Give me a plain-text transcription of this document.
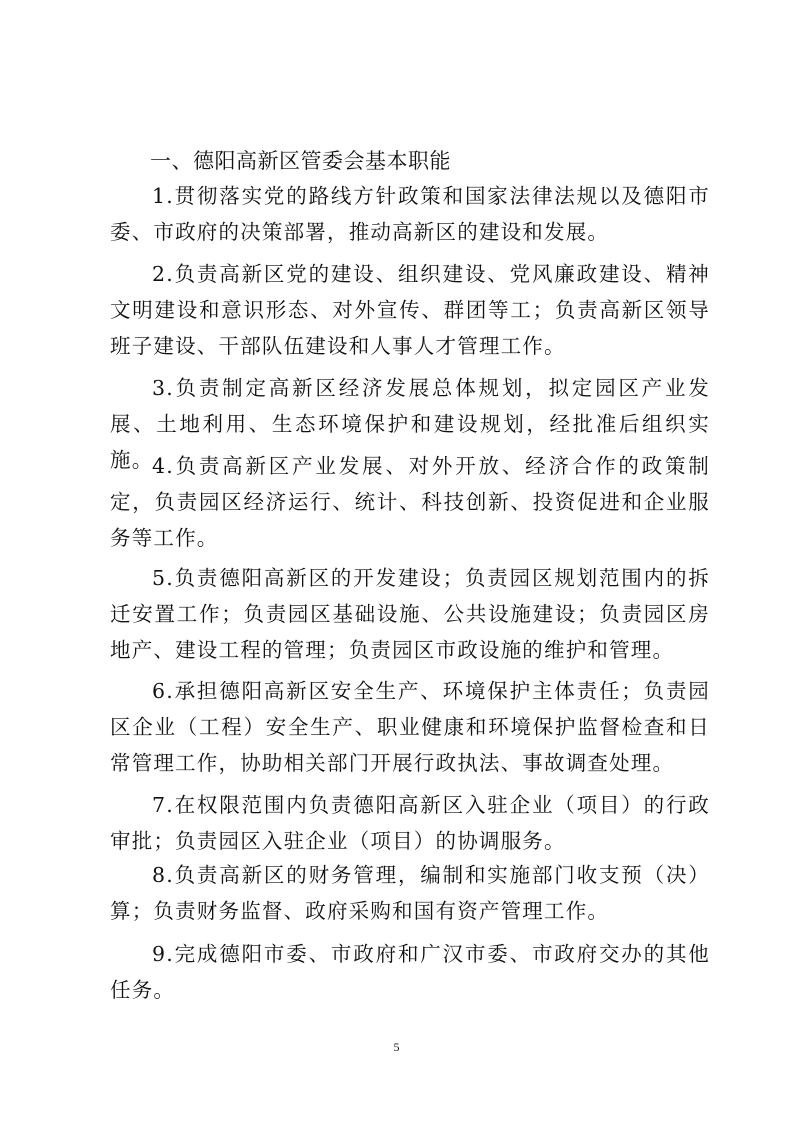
一、德阳高新区管委会基本职能

1.贯彻落实党的路线方针政策和国家法律法规以及德阳市委、市政府的决策部署，推动高新区的建设和发展。

2.负责高新区党的建设、组织建设、党风廉政建设、精神文明建设和意识形态、对外宣传、群团等工；负责高新区领导班子建设、干部队伍建设和人事人才管理工作。

3.负责制定高新区经济发展总体规划，拟定园区产业发展、土地利用、生态环境保护和建设规划，经批准后组织实施。

4.负责高新区产业发展、对外开放、经济合作的政策制定，负责园区经济运行、统计、科技创新、投资促进和企业服务等工作。

5.负责德阳高新区的开发建设；负责园区规划范围内的拆迁安置工作；负责园区基础设施、公共设施建设；负责园区房地产、建设工程的管理；负责园区市政设施的维护和管理。

6.承担德阳高新区安全生产、环境保护主体责任；负责园区企业（工程）安全生产、职业健康和环境保护监督检查和日常管理工作，协助相关部门开展行政执法、事故调查处理。

7.在权限范围内负责德阳高新区入驻企业（项目）的行政审批；负责园区入驻企业（项目）的协调服务。

8.负责高新区的财务管理，编制和实施部门收支预（决）算；负责财务监督、政府采购和国有资产管理工作。

9.完成德阳市委、市政府和广汉市委、市政府交办的其他任务。

5
